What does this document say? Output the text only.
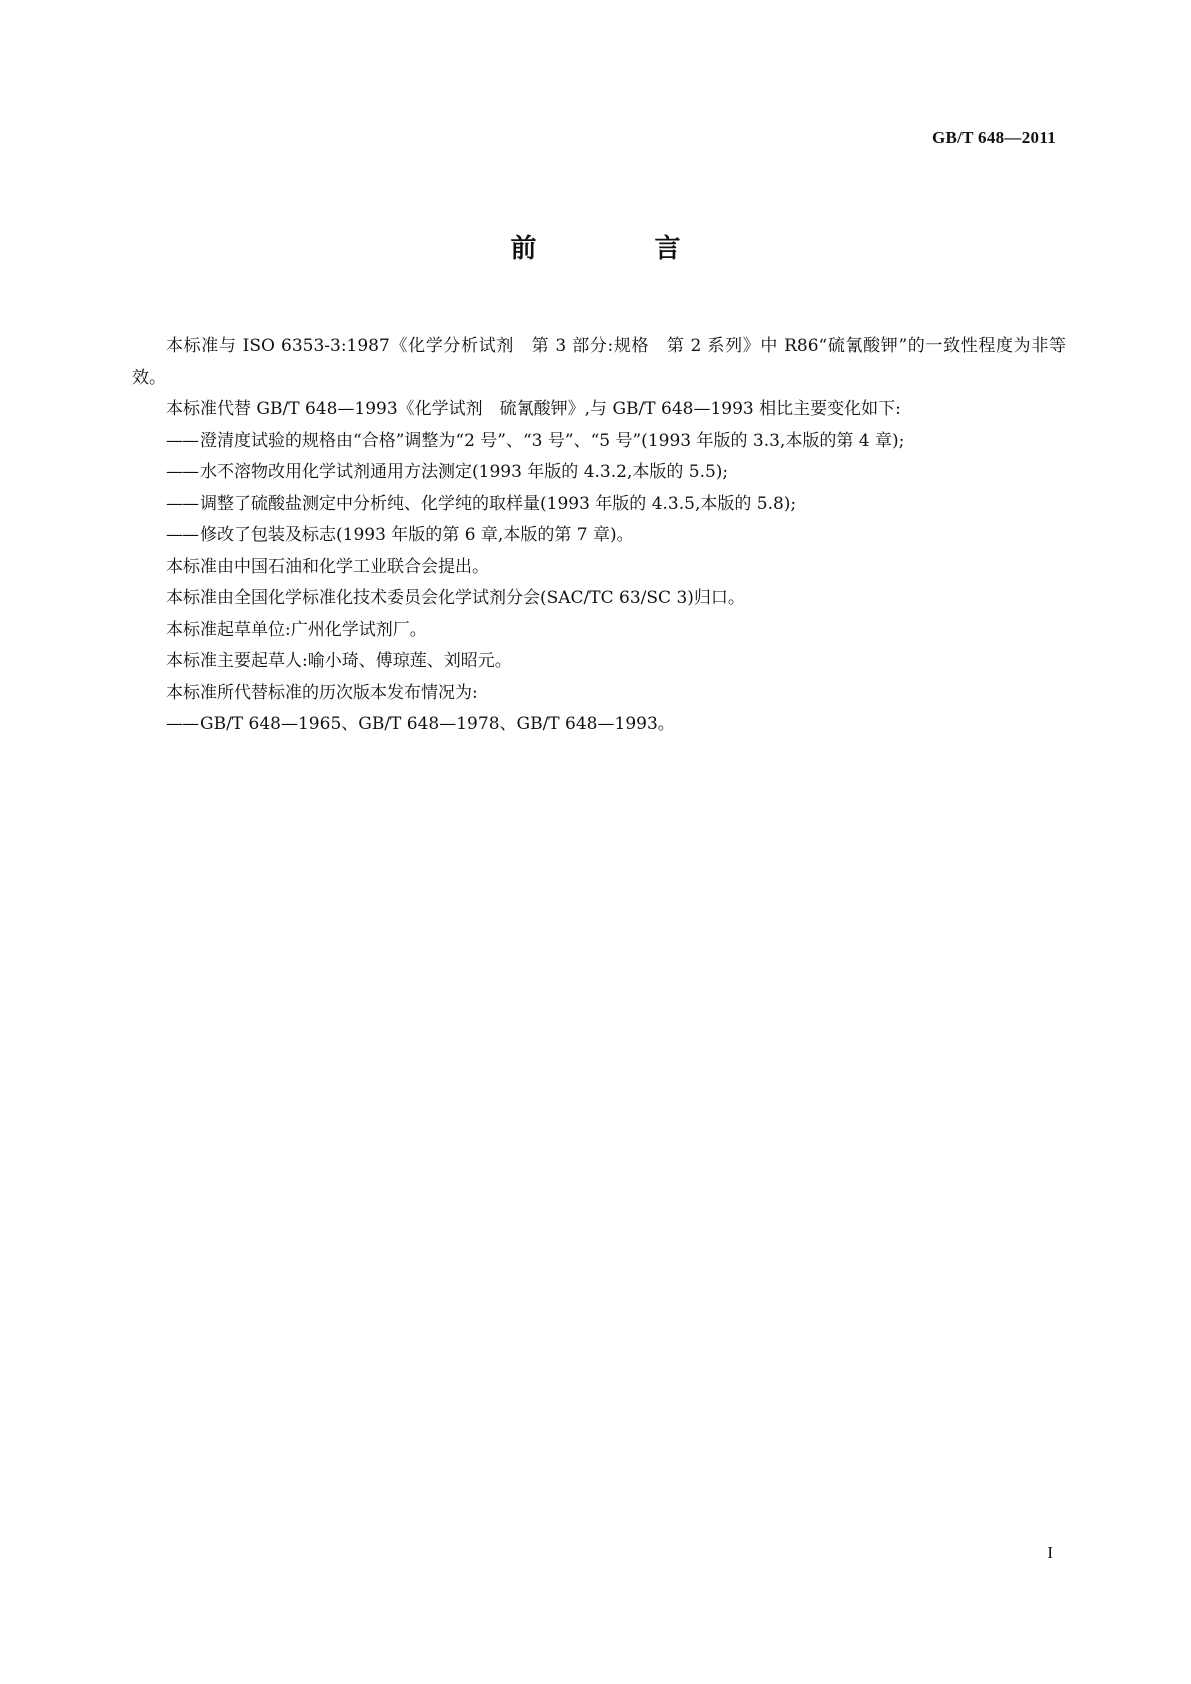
GB/T 648—2011
前　言

本标准与 ISO 6353-3:1987《化学分析试剂　第 3 部分:规格　第 2 系列》中 R86“硫氰酸钾”的一致性程度为非等效。

本标准代替 GB/T 648—1993《化学试剂　硫氰酸钾》,与 GB/T 648—1993 相比主要变化如下:

—— 澄清度试验的规格由“合格”调整为“2 号”、“3 号”、“5 号”(1993 年版的 3.3,本版的第 4 章);

—— 水不溶物改用化学试剂通用方法测定(1993 年版的 4.3.2,本版的 5.5);

—— 调整了硫酸盐测定中分析纯、化学纯的取样量(1993 年版的 4.3.5,本版的 5.8);

—— 修改了包装及标志(1993 年版的第 6 章,本版的第 7 章)。

本标准由中国石油和化学工业联合会提出。

本标准由全国化学标准化技术委员会化学试剂分会(SAC/TC 63/SC 3)归口。

本标准起草单位:广州化学试剂厂。

本标准主要起草人:喻小琦、傅琼莲、刘昭元。

本标准所代替标准的历次版本发布情况为:

—— GB/T 648—1965、GB/T 648—1978、GB/T 648—1993。

I
